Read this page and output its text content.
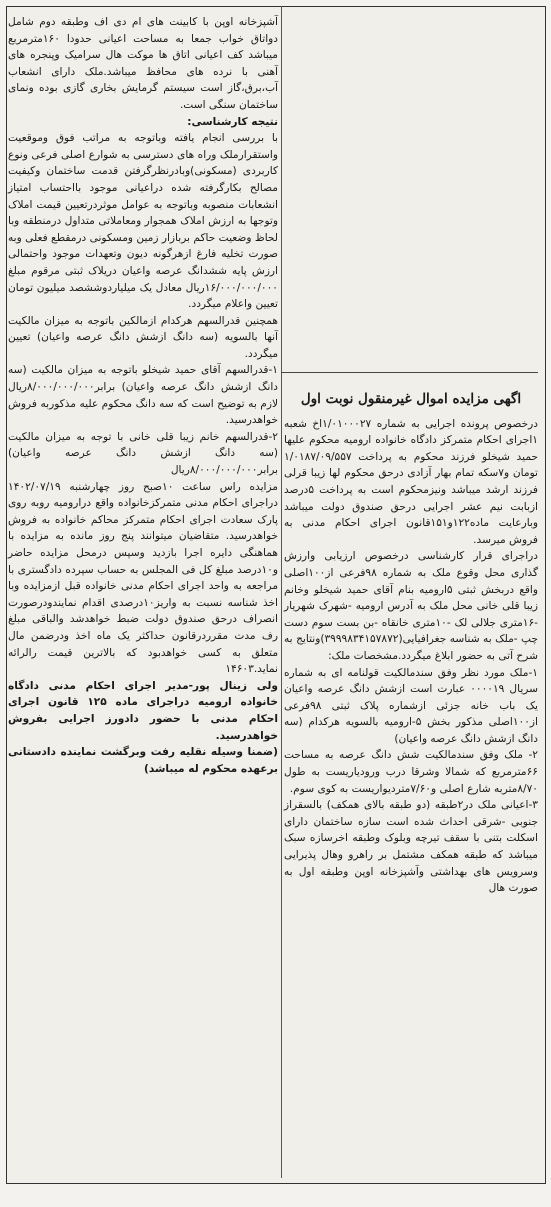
اگهی مزایده اموال غیرمنقول نوبت اول

درخصوص پرونده اجرایی به شماره ۱/۰۱۰۰۰۲۷اخ شعبه ۱اجرای احکام متمرکز دادگاه خانواده ارومیه محکوم علیها حمید شیخلو فرزند محکوم به پرداخت ۱/۰۱۸۷/۰۹/۵۵۷ تومان و۷سکه تمام بهار آزادی درحق محکوم لها زیبا قرلی فرزند ارشد میباشد ونیزمحکوم است به پرداخت ۵درصد ازبابت نیم عشر اجرایی درحق صندوق دولت میباشد وبارعایت ماده۱۲۲و۱۵۱قانون اجرای احکام مدنی به فروش میرسد.

دراجرای قرار کارشناسی درخصوص ارزیابی وارزش گذاری محل وقوع ملک به شماره ۹۸فرعی از۱۰۰اصلی واقع دربخش ثبتی ۵ارومیه بنام آقای حمید شیخلو وخانم زیبا قلی خانی محل ملک به آدرس ارومیه -شهرک شهریار -۱۶متری جلالی لک -۱۰متری خانقاه -بن بست سوم دست چپ -ملک به شناسه جغرافیایی(۳۹۹۹۸۳۴۱۵۷۸۷۲)ونتایج به شرح آتی به حضور ابلاغ میگردد.مشخصات ملک:

۱-ملک مورد نظر وفق سندمالکیت قولنامه ای به شماره سریال ۰۰۰۰۱۹ عبارت است ازشش دانگ عرصه واعیان یک باب خانه جزئی ازشماره پلاک ثبتی ۹۸فرعی از۱۰۰اصلی مذکور بخش ۵-ارومیه بالسویه هرکدام (سه دانگ ازشش دانگ عرصه واعیان)

۲- ملک وفق سندمالکیت شش دانگ عرصه به مساحت ۶۶مترمربع که شمالا وشرقا درب ورودیاریست به طول ۸/۷۰متربه شارع اصلی و۷/۶۰متردیواریست به کوی سوم.

۳-اعیانی ملک در۲طبقه (دو طبقه بالای همکف) بالسقراز جنوبی -شرقی احداث شده است سازه ساختمان دارای اسکلت بتنی با سقف تیرچه وبلوک وطبقه اخرسازه سبک میباشد که طبقه همکف مشتمل بر راهرو وهال پذیرایی وسرویس های بهداشتی وآشپزخانه اوپن وطبقه اول به صورت هال

آشپزخانه اوپن با کابینت های ام دی اف وطبقه دوم شامل دواتاق خواب جمعا به مساحت اعیانی حدودا ۱۶۰مترمربع میباشد کف اعیانی اتاق ها موکت هال سرامیک وپنجره های آهنی با نرده های محافظ میباشد.ملک دارای انشعاب آب،برق،گاز است سیستم گرمایش بخاری گازی بوده ونمای ساختمان سنگی است.

نتیجه کارشناسی:

با بررسی انجام یافته وباتوجه به مراتب فوق وموقعیت واستقرارملک وراه های دسترسی به شوارع اصلی فرعی ونوع کاربردی (مسکونی)وبادرنظرگرفتن قدمت ساختمان وکیفیت مصالح بکارگرفته شده دراعیانی موجود بااحتساب امتیاز انشعابات منصوبه وباتوجه به عوامل موثردرتعیین قیمت املاک وتوجها به ارزش املاک همجوار ومعاملاتی متداول درمنطقه وبا لحاظ وضعیت حاکم بربازار زمین ومسکونی درمقطع فعلی وبه صورت تخلیه فارغ ازهرگونه دیون وتعهدات موجود واحتمالی ارزش پایه ششدانگ عرصه واعیان دریلاک ثبتی مرقوم مبلغ ۱۶/۰۰۰/۰۰۰/۰۰۰ریال معادل یک میلیاردوششصد میلیون تومان تعیین واعلام میگردد.

همچنین قدرالسهم هرکدام ازمالکین باتوجه به میزان مالکیت آنها بالسویه (سه دانگ ازشش دانگ عرصه واعیان) تعیین میگردد.

۱-قدرالسهم آقای حمید شیخلو باتوجه به میزان مالکیت (سه دانگ ازشش دانگ عرصه واعیان) برابر۸/۰۰۰/۰۰۰/۰۰۰ریال لازم به توضیح است که سه دانگ محکوم علیه مذکوربه فروش خواهدرسید.

۲-قدرالسهم خانم زیبا قلی خانی با توجه به میزان مالکیت (سه دانگ ازشش دانگ عرصه واعیان) برابر۸/۰۰۰/۰۰۰/۰۰۰ریال

مزایده راس ساعت ۱۰صبح روز چهارشنبه ۱۴۰۲/۰۷/۱۹ دراجرای احکام مدنی متمرکزخانواده واقع درارومیه روبه روی پارک سعادت اجرای احکام متمرکز محاکم خانواده به فروش خواهدرسید. متقاضیان میتوانند پنج روز مانده به مزایده با هماهنگی دایره اجرا بازدید وسپس درمحل مزایده حاضر و۱۰درصد مبلغ کل فی المجلس به حساب سپرده دادگستری با مراجعه به واحد اجرای احکام مدنی خانواده قبل ازمزایده وبا اخذ شناسه نسبت به واریز۱۰درصدی اقدام نمایندودرصورت انصراف درحق صندوق دولت ضبط خواهدشد والباقی مبلغ رف مدت مقرردرقانون حداکثر یک ماه اخذ ودرضمن مال متعلق به کسی خواهدبود که بالاترین قیمت رالرائه نماید.۱۴۶۰۳

ولی زینال پور-مدیر اجرای احکام مدنی دادگاه خانواده ارومیه دراجرای ماده ۱۲۵ قانون اجرای احکام مدنی با حضور دادورز اجرایی بفروش خواهدرسید.

(ضمنا وسیله نقلیه رفت وبرگشت نماینده دادستانی برعهده محکوم له میباشد)
